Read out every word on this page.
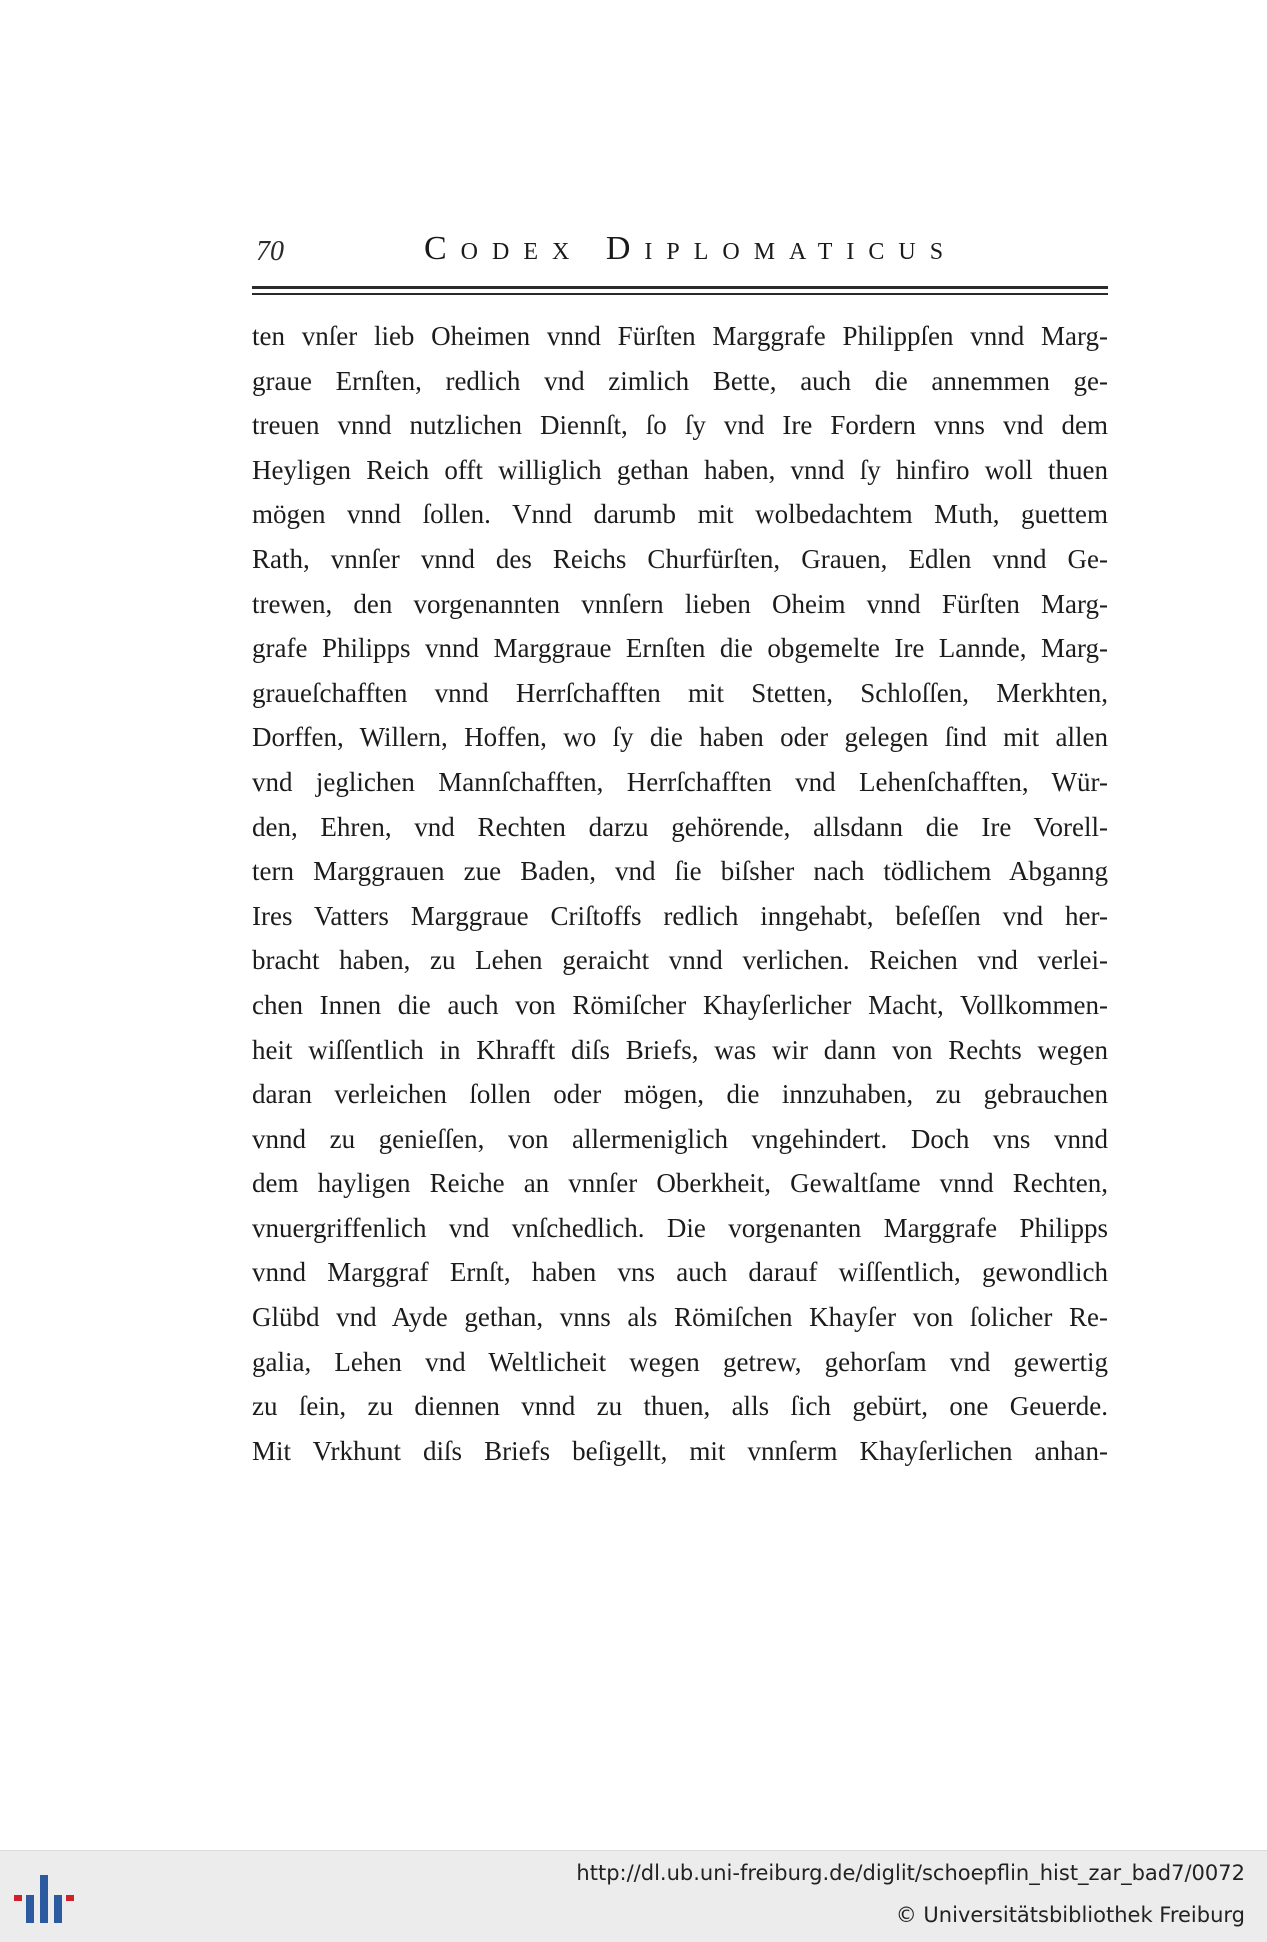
70	Codex Diplomaticus
ten vnſer lieb Oheimen vnnd Fürſten Marggrafe Philippſen vnnd Marg-
graue Ernſten, redlich vnd zimlich Bette, auch die annemmen ge-
treuen vnnd nutzlichen Diennſt, ſo ſy vnd Ire Fordern vnns vnd dem
Heyligen Reich offt williglich gethan haben, vnnd ſy hinfiro woll thuen
mögen vnnd ſollen. Vnnd darumb mit wolbedachtem Muth, guettem
Rath, vnnſer vnnd des Reichs Churfürſten, Grauen, Edlen vnnd Ge-
trewen, den vorgenannten vnnſern lieben Oheim vnnd Fürſten Marg-
grafe Philipps vnnd Marggraue Ernſten die obgemelte Ire Lannde, Marg-
graueſchafften vnnd Herrſchafften mit Stetten, Schloſſen, Merkhten,
Dorffen, Willern, Hoffen, wo ſy die haben oder gelegen ſind mit allen
vnd jeglichen Mannſchafften, Herrſchafften vnd Lehenſchafften, Wür-
den, Ehren, vnd Rechten darzu gehörende, allsdann die Ire Vorell-
tern Marggrauen zue Baden, vnd ſie biſsher nach tödlichem Abganng
Ires Vatters Marggraue Criſtoffs redlich inngehabt, beſeſſen vnd her-
bracht haben, zu Lehen geraicht vnnd verlichen. Reichen vnd verlei-
chen Innen die auch von Römiſcher Khayſerlicher Macht, Vollkommen-
heit wiſſentlich in Khrafft diſs Briefs, was wir dann von Rechts wegen
daran verleichen ſollen oder mögen, die innzuhaben, zu gebrauchen
vnnd zu genieſſen, von allermeniglich vngehindert. Doch vns vnnd
dem hayligen Reiche an vnnſer Oberkheit, Gewaltſame vnnd Rechten,
vnuergriffenlich vnd vnſchedlich. Die vorgenanten Marggrafe Philipps
vnnd Marggraf Ernſt, haben vns auch darauf wiſſentlich, gewondlich
Glübd vnd Ayde gethan, vnns als Römiſchen Khayſer von ſolicher Re-
galia, Lehen vnd Weltlicheit wegen getrew, gehorſam vnd gewertig
zu ſein, zu diennen vnnd zu thuen, alls ſich gebürt, one Geuerde.
Mit Vrkhunt diſs Briefs beſigellt, mit vnnſerm Khayſerlichen anhan-
http://dl.ub.uni-freiburg.de/diglit/schoepflin_hist_zar_bad7/0072
© Universitätsbibliothek Freiburg
